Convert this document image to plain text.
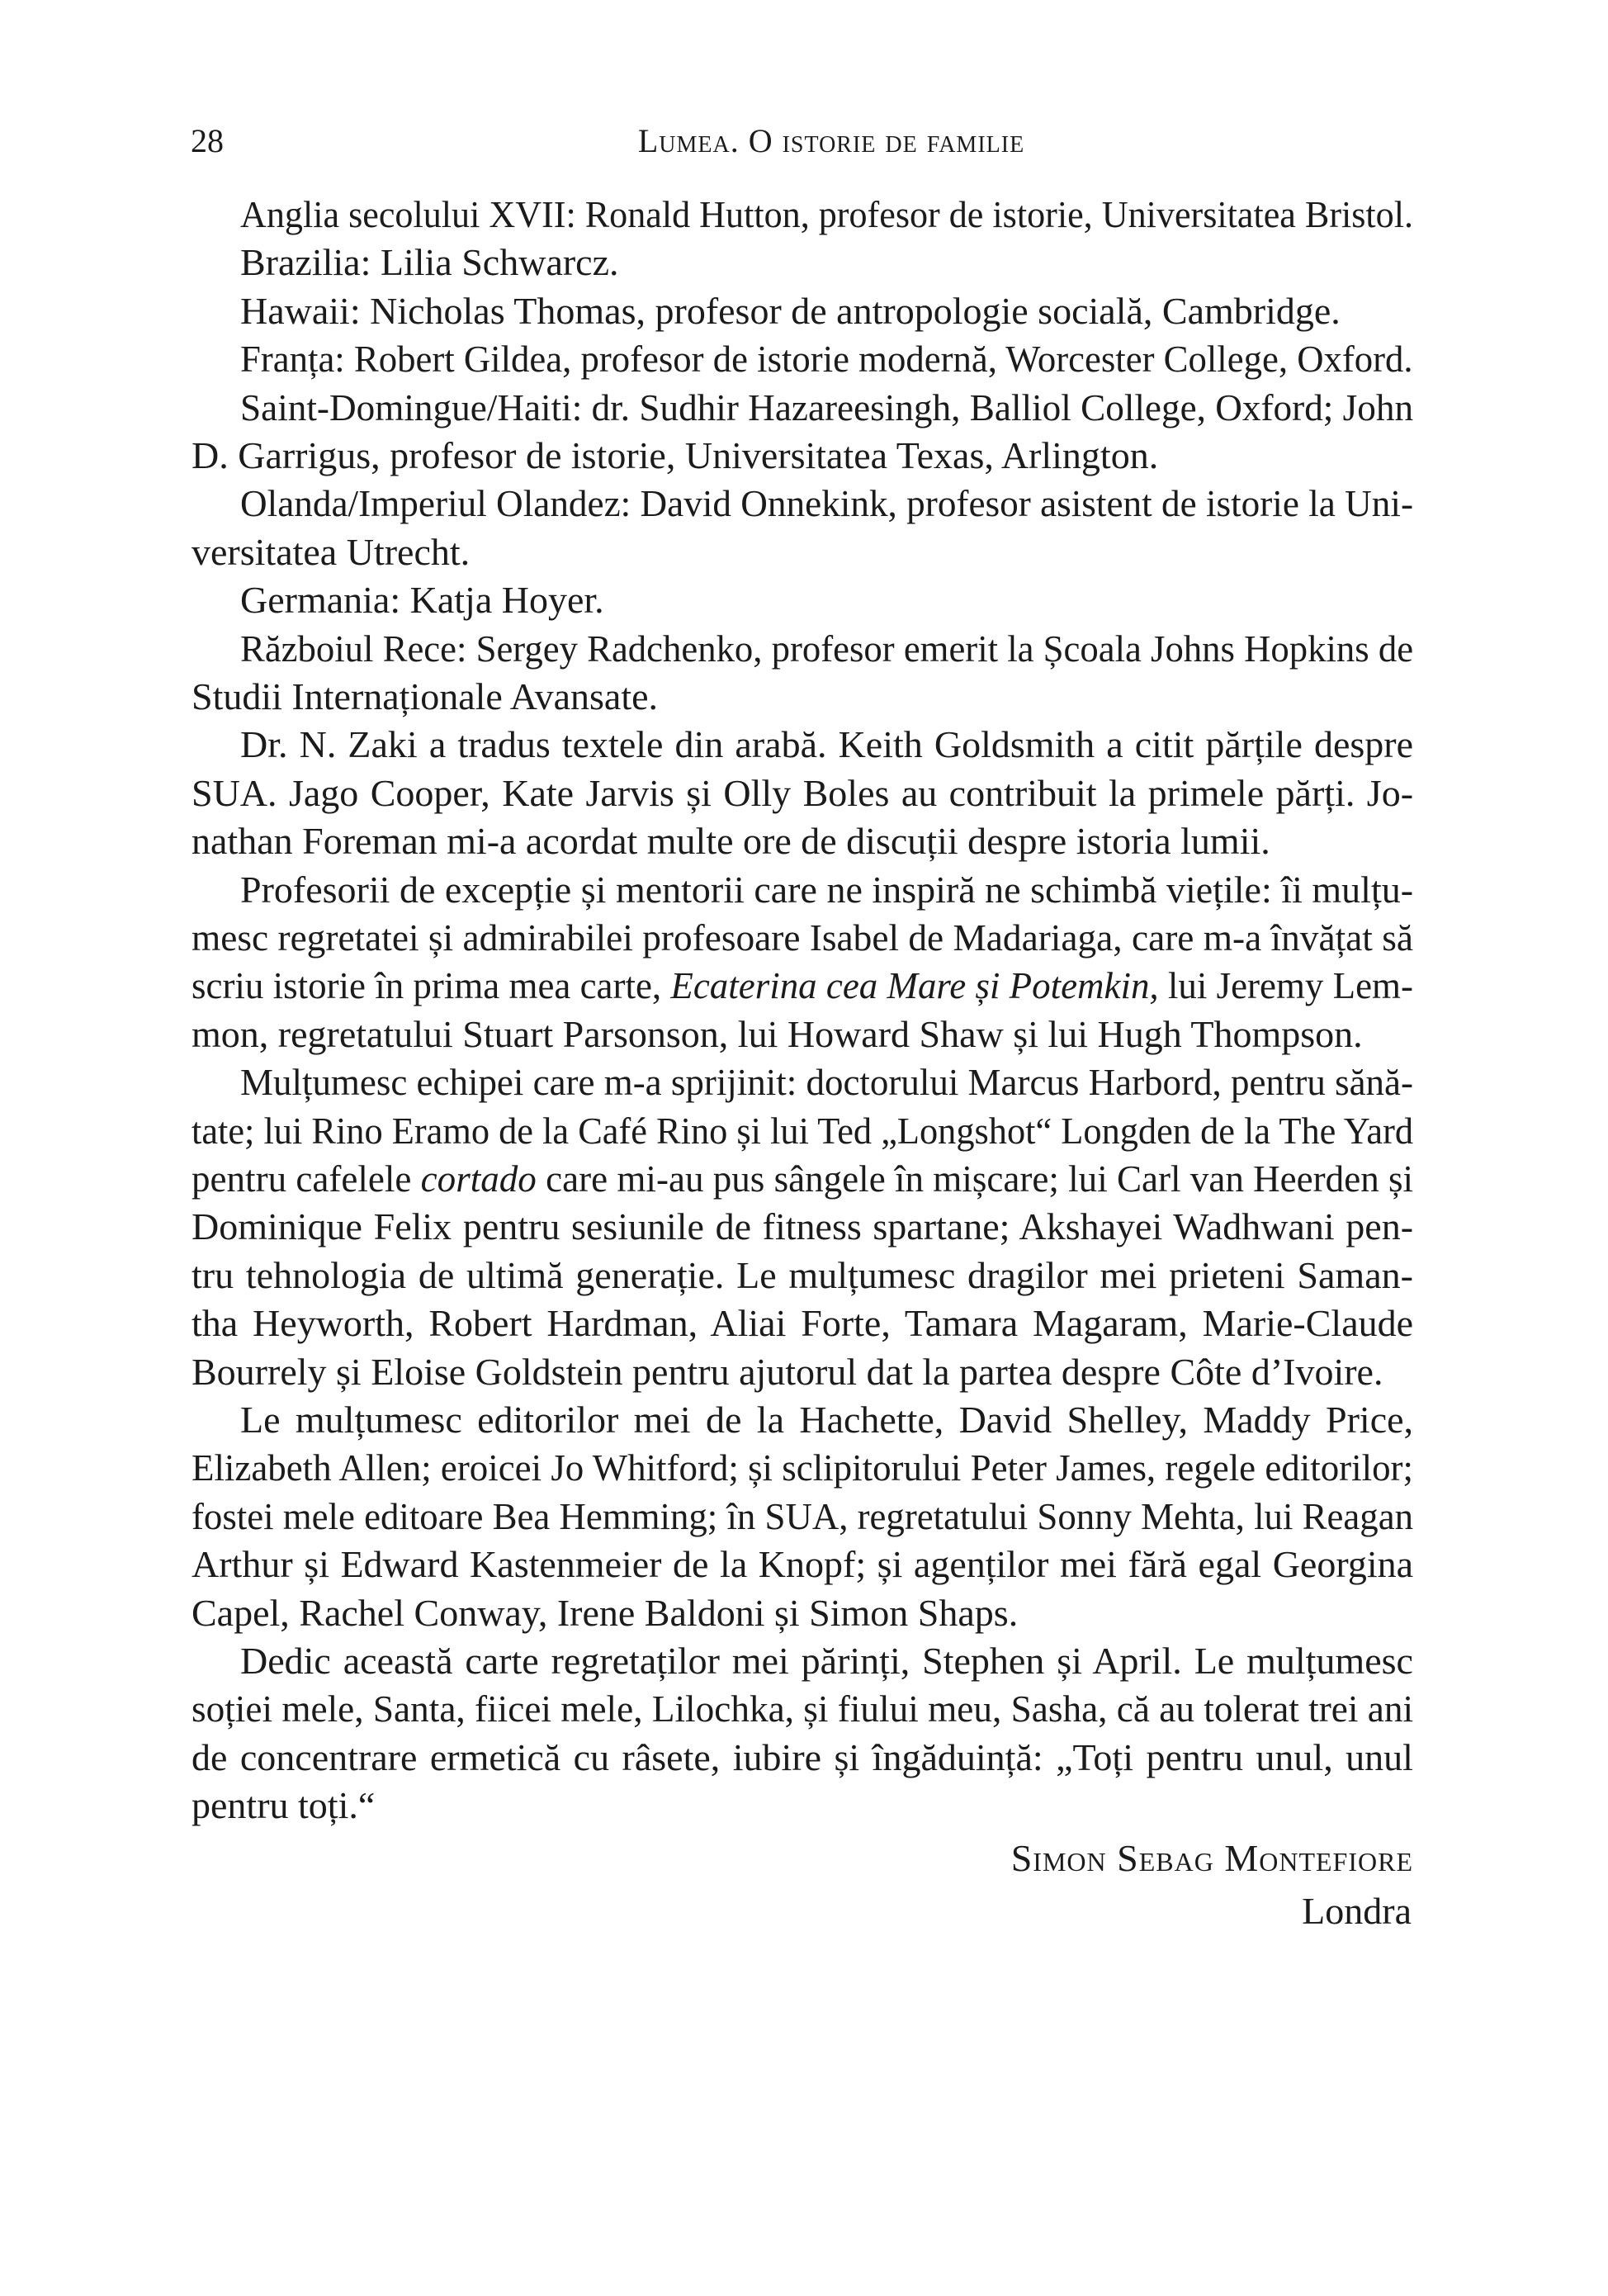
28	Lumea. O istorie de familie
Anglia secolului XVII: Ronald Hutton, profesor de istorie, Universitatea Bristol.
Brazilia: Lilia Schwarcz.
Hawaii: Nicholas Thomas, profesor de antropologie socială, Cambridge.
Franța: Robert Gildea, profesor de istorie modernă, Worcester College, Oxford.
Saint-Domingue/Haiti: dr. Sudhir Hazareesingh, Balliol College, Oxford; John
D. Garrigus, profesor de istorie, Universitatea Texas, Arlington.
Olanda/Imperiul Olandez: David Onnekink, profesor asistent de istorie la Uni-
versitatea Utrecht.
Germania: Katja Hoyer.
Războiul Rece: Sergey Radchenko, profesor emerit la Școala Johns Hopkins de
Studii Internaționale Avansate.
Dr. N. Zaki a tradus textele din arabă. Keith Goldsmith a citit părțile despre
SUA. Jago Cooper, Kate Jarvis și Olly Boles au contribuit la primele părți. Jo-
nathan Foreman mi-a acordat multe ore de discuții despre istoria lumii.
Profesorii de excepție și mentorii care ne inspiră ne schimbă viețile: îi mulțu-
mesc regretatei și admirabilei profesoare Isabel de Madariaga, care m-a învățat să
scriu istorie în prima mea carte, Ecaterina cea Mare și Potemkin, lui Jeremy Lem-
mon, regretatului Stuart Parsonson, lui Howard Shaw și lui Hugh Thompson.
Mulțumesc echipei care m-a sprijinit: doctorului Marcus Harbord, pentru sănă-
tate; lui Rino Eramo de la Café Rino și lui Ted „Longshot“ Longden de la The Yard
pentru cafelele cortado care mi-au pus sângele în mișcare; lui Carl van Heerden și
Dominique Felix pentru sesiunile de fitness spartane; Akshayei Wadhwani pen-
tru tehnologia de ultimă generație. Le mulțumesc dragilor mei prieteni Saman-
tha Heyworth, Robert Hardman, Aliai Forte, Tamara Magaram, Marie-Claude
Bourrely și Eloise Goldstein pentru ajutorul dat la partea despre Côte d’Ivoire.
Le mulțumesc editorilor mei de la Hachette, David Shelley, Maddy Price,
Elizabeth Allen; eroicei Jo Whitford; și sclipitorului Peter James, regele editorilor;
fostei mele editoare Bea Hemming; în SUA, regretatului Sonny Mehta, lui Reagan
Arthur și Edward Kastenmeier de la Knopf; și agenților mei fără egal Georgina
Capel, Rachel Conway, Irene Baldoni și Simon Shaps.
Dedic această carte regretaților mei părinți, Stephen și April. Le mulțumesc
soției mele, Santa, fiicei mele, Lilochka, și fiului meu, Sasha, că au tolerat trei ani
de concentrare ermetică cu râsete, iubire și îngăduință: „Toți pentru unul, unul
pentru toți.“
Simon Sebag Montefiore
Londra
